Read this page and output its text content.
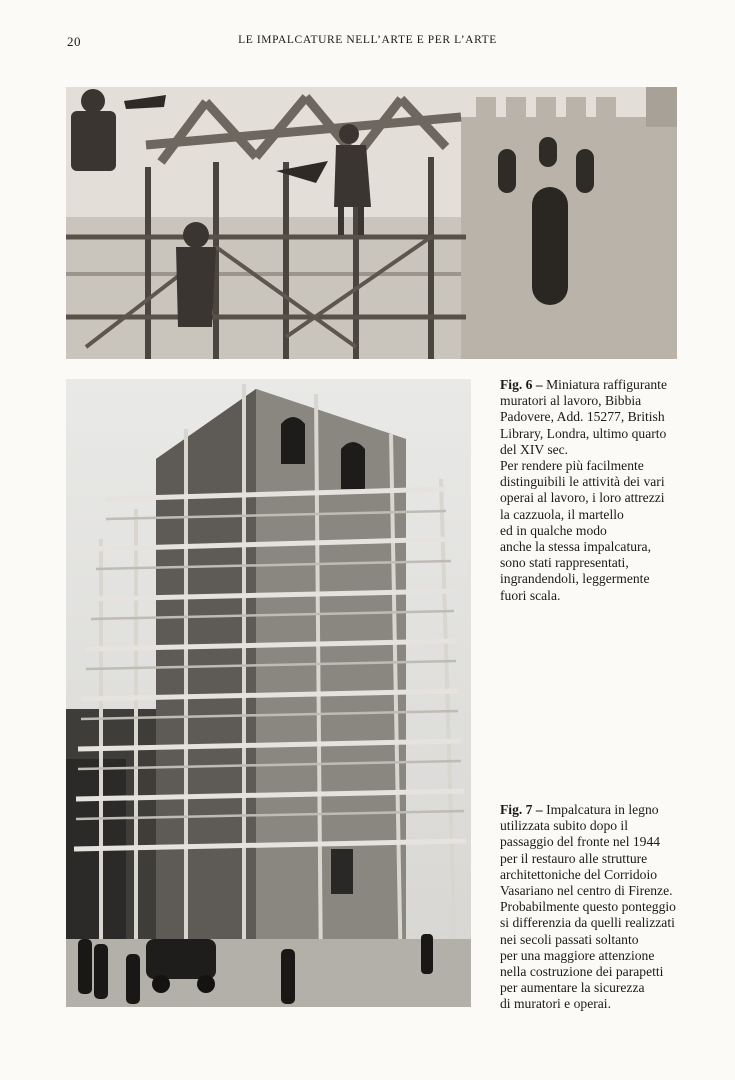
20	LE IMPALCATURE NELL’ARTE E PER L’ARTE

Fig. 6 – Miniatura raffigurante

muratori al lavoro, Bibbia

Padovere, Add. 15277, British

Library, Londra, ultimo quarto

del XIV sec.

Per rendere più facilmente

distinguibili le attività dei vari

operai al lavoro, i loro attrezzi

la cazzuola, il martello

ed in qualche modo

anche la stessa impalcatura,

sono stati rappresentati,

ingrandendoli, leggermente

fuori scala.

Fig. 7 – Impalcatura in legno

utilizzata subito dopo il

passaggio del fronte nel 1944

per il restauro alle strutture

architettoniche del Corridoio

Vasariano nel centro di Firenze.

Probabilmente questo ponteggio

si differenzia da quelli realizzati

nei secoli passati soltanto

per una maggiore attenzione

nella costruzione dei parapetti

per aumentare la sicurezza

di muratori e operai.
